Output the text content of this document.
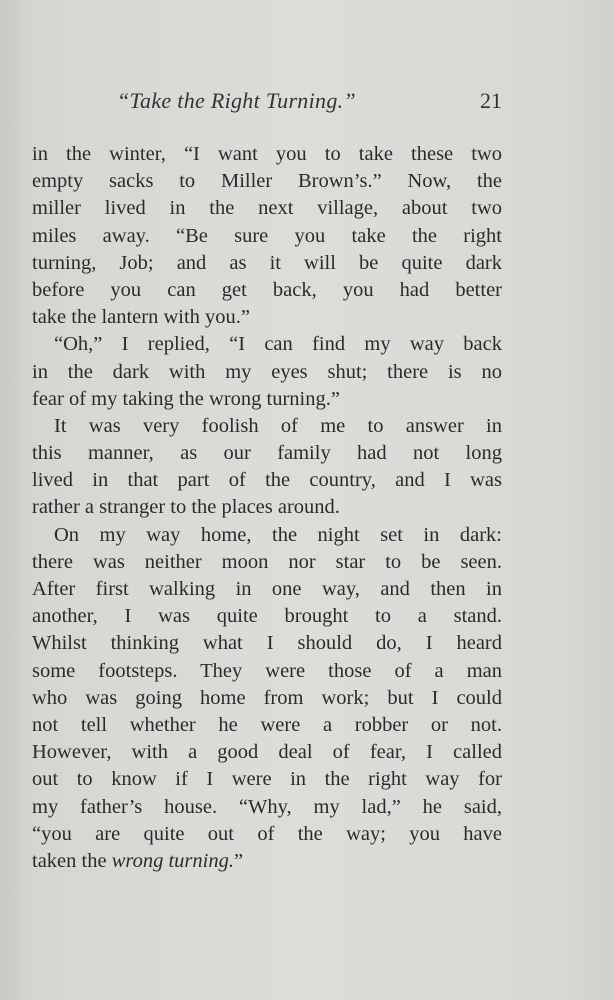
“Take the Right Turning.”	21
in the winter, “I want you to take these two
empty sacks to Miller Brown’s.” Now, the
miller lived in the next village, about two
miles away. “Be sure you take the right
turning, Job; and as it will be quite dark
before you can get back, you had better
take the lantern with you.”
“Oh,” I replied, “I can find my way back
in the dark with my eyes shut; there is no
fear of my taking the wrong turning.”
It was very foolish of me to answer in
this manner, as our family had not long
lived in that part of the country, and I was
rather a stranger to the places around.
On my way home, the night set in dark:
there was neither moon nor star to be seen.
After first walking in one way, and then in
another, I was quite brought to a stand.
Whilst thinking what I should do, I heard
some footsteps. They were those of a man
who was going home from work; but I could
not tell whether he were a robber or not.
However, with a good deal of fear, I called
out to know if I were in the right way for
my father’s house. “Why, my lad,” he said,
“you are quite out of the way; you have
taken the wrong turning.”
